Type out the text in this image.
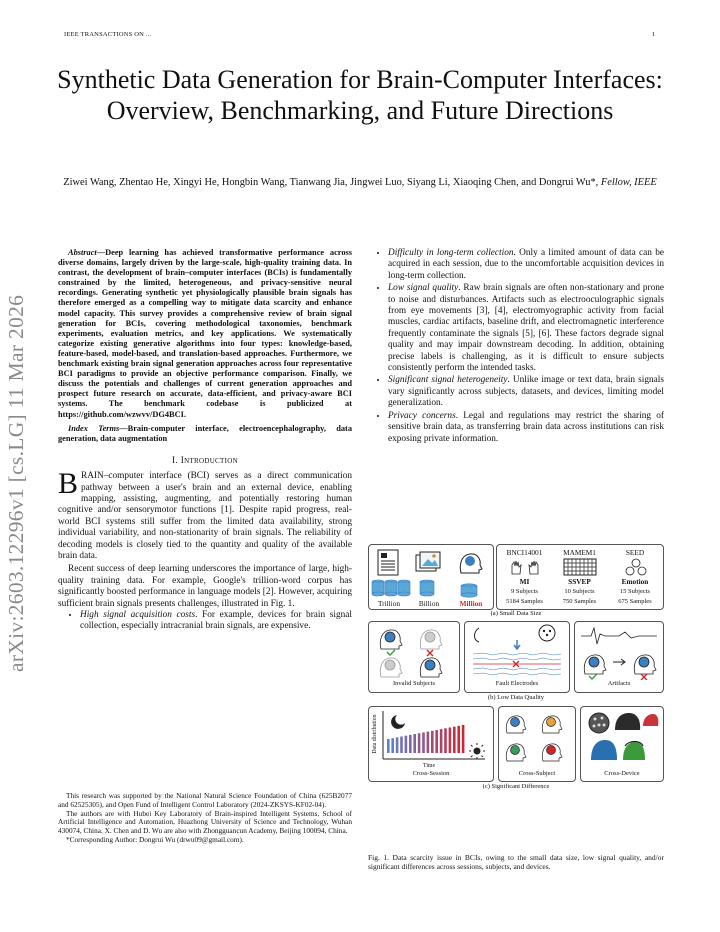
IEEE TRANSACTIONS ON ...	1
Synthetic Data Generation for Brain-Computer Interfaces: Overview, Benchmarking, and Future Directions
Ziwei Wang, Zhentao He, Xingyi He, Hongbin Wang, Tianwang Jia, Jingwei Luo, Siyang Li, Xiaoqing Chen, and Dongrui Wu*, Fellow, IEEE
arXiv:2603.12296v1 [cs.LG] 11 Mar 2026

Abstract—Deep learning has achieved transformative performance across diverse domains, largely driven by the large-scale, high-quality training data. In contrast, the development of brain–computer interfaces (BCIs) is fundamentally constrained by the limited, heterogeneous, and privacy-sensitive neural recordings. Generating synthetic yet physiologically plausible brain signals has therefore emerged as a compelling way to mitigate data scarcity and enhance model capacity. This survey provides a comprehensive review of brain signal generation for BCIs, covering methodological taxonomies, benchmark experiments, evaluation metrics, and key applications. We systematically categorize existing generative algorithms into four types: knowledge-based, feature-based, model-based, and translation-based approaches. Furthermore, we benchmark existing brain signal generation approaches across four representative BCI paradigms to provide an objective performance comparison. Finally, we discuss the potentials and challenges of current generation approaches and prospect future research on accurate, data-efficient, and privacy-aware BCI systems. The benchmark codebase is publicized at https://github.com/wzwvv/DG4BCI.

Index Terms—Brain-computer interface, electroencephalography, data generation, data augmentation

I. Introduction

BRAIN–computer interface (BCI) serves as a direct communication pathway between a user's brain and an external device, enabling mapping, assisting, augmenting, and potentially restoring human cognitive and/or sensorymotor functions [1]. Despite rapid progress, real-world BCI systems still suffer from the limited data availability, strong individual variability, and non-stationarity of brain signals. The reliability of decoding models is closely tied to the quantity and quality of the available brain data.

Recent success of deep learning underscores the importance of large, high-quality training data. For example, Google's trillion-word corpus has significantly boosted performance in language models [2]. However, acquiring sufficient brain signals presents challenges, illustrated in Fig. 1.

• High signal acquisition costs. For example, devices for brain signal collection, especially intracranial brain signals, are expensive.

This research was supported by the National Natural Science Foundation of China (625B2077 and 62525305), and Open Fund of Intelligent Control Laboratory (2024-ZKSYS-KF02-04).

The authors are with Hubei Key Laboratory of Brain-inspired Intelligent Systems, School of Artificial Intelligence and Automation, Huazhong University of Science and Technology, Wuhan 430074, China. X. Chen and D. Wu are also with Zhongguancun Academy, Beijing 100094, China.

*Corresponding Author: Dongrui Wu (drwu09@gmail.com).

• Difficulty in long-term collection. Only a limited amount of data can be acquired in each session, due to the uncomfortable acquisition devices in long-term collection.
• Low signal quality. Raw brain signals are often non-stationary and prone to noise and disturbances. Artifacts such as electrooculographic signals from eye movements [3], [4], electromyographic activity from facial muscles, cardiac artifacts, baseline drift, and electromagnetic interference frequently contaminate the signals [5], [6]. These factors degrade signal quality and may impair downstream decoding. In addition, obtaining precise labels is challenging, as it is difficult to ensure subjects consistently perform the intended tasks.
• Significant signal heterogeneity. Unlike image or text data, brain signals vary significantly across subjects, datasets, and devices, limiting model generalization.
• Privacy concerns. Legal and regulations may restrict the sharing of sensitive brain data, as transferring brain data across institutions can risk exposing private information.
Trillion	Billion	Million
BNCI14001	MAMEM1	SEED
MI	SSVEP	Emotion
9 Subjects	10 Subjects	15 Subjects
5184 Samples	750 Samples	675 Samples
(a) Small Data Size
Invalid Subjects	Fault Electrodes	Artifacts
(b) Low Data Quality
Data distribution
Time
Cross-Session	Cross-Subject	Cross-Device
(c) Significant Difference
Fig. 1. Data scarcity issue in BCIs, owing to the small data size, low signal quality, and/or significant differences across sessions, subjects, and devices.
